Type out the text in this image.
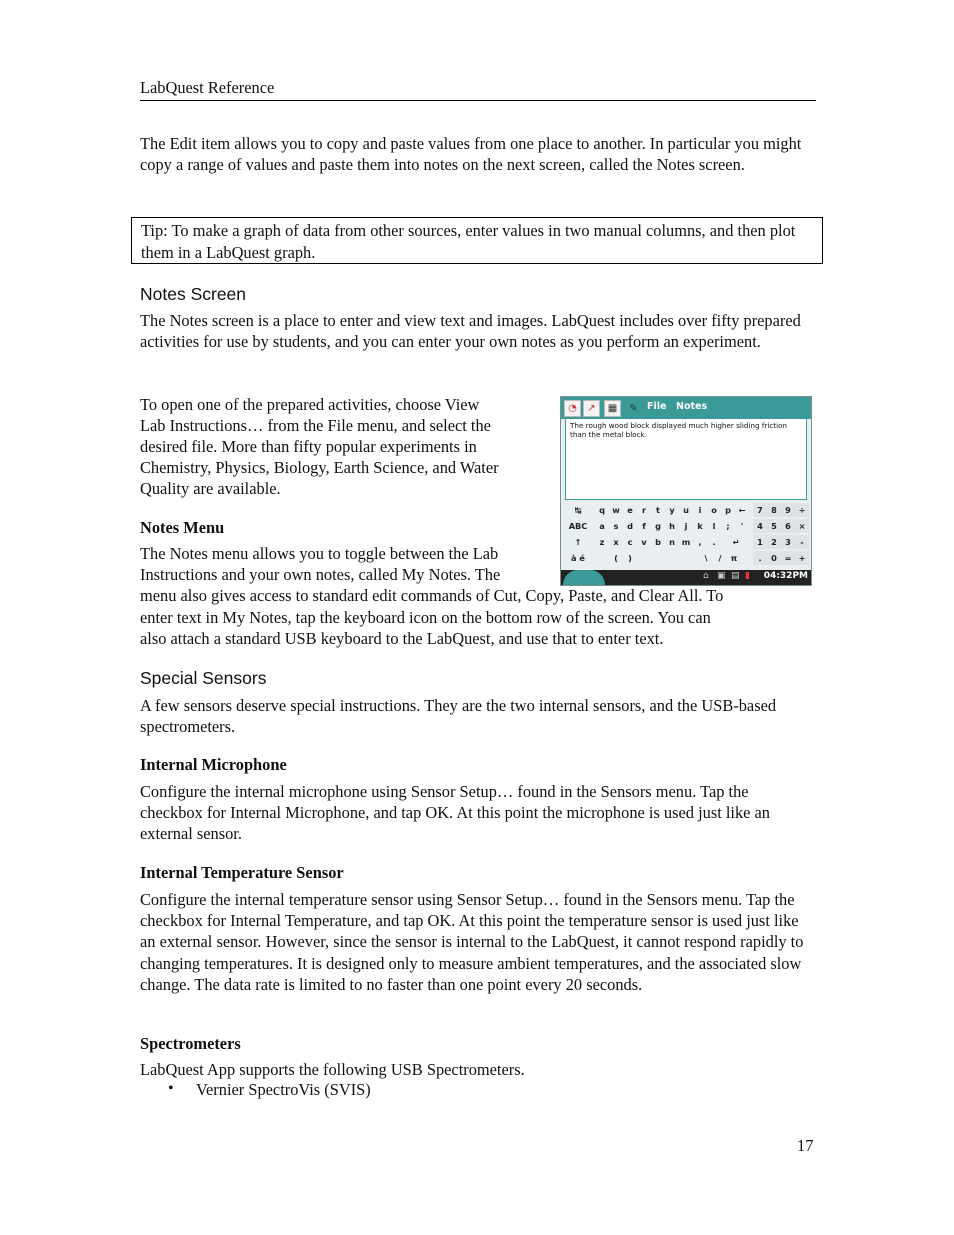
LabQuest Reference

The Edit item allows you to copy and paste values from one place to another. In particular you might copy a range of values and paste them into notes on the next screen, called the Notes screen.

Tip: To make a graph of data from other sources, enter values in two manual columns, and then plot them in a LabQuest graph.
Notes Screen

The Notes screen is a place to enter and view text and images. LabQuest includes over fifty prepared activities for use by students, and you can enter your own notes as you perform an experiment.

To open one of the prepared activities, choose View
Lab Instructions… from the File menu, and select the
desired file. More than fifty popular experiments in
Chemistry, Physics, Biology, Earth Science, and Water
Quality are available.
Notes Menu
The Notes menu allows you to toggle between the Lab
Instructions and your own notes, called My Notes. The
menu also gives access to standard edit commands of Cut, Copy, Paste, and Clear All. To
enter text in My Notes, tap the keyboard icon on the bottom row of the screen. You can
also attach a standard USB keyboard to the LabQuest, and use that to enter text.
◔	↗	▦	✎ File Notes
The rough wood block displayed much higher sliding friction than the metal block.
↹	q w e	r	t	y	u	i	o	p ←	7	8	9 ÷
ABC	a	s	d	f	g h	j	k	l	;	'	4	5	6 ×
↑	z	x	c	v	b n m ,	.	↵	1	2	3	-
à é	(	)	\	/	π	.	0 = +
⌂ ▣ ▤ ▮ 04:32PM
Special Sensors

A few sensors deserve special instructions. They are the two internal sensors, and the USB-based spectrometers.

Internal Microphone

Configure the internal microphone using Sensor Setup… found in the Sensors menu. Tap the checkbox for Internal Microphone, and tap OK. At this point the microphone is used just like an external sensor.

Internal Temperature Sensor

Configure the internal temperature sensor using Sensor Setup… found in the Sensors menu. Tap the checkbox for Internal Temperature, and tap OK. At this point the temperature sensor is used just like an external sensor. However, since the sensor is internal to the LabQuest, it cannot respond rapidly to changing temperatures. It is designed only to measure ambient temperatures, and the associated slow change. The data rate is limited to no faster than one point every 20 seconds.

Spectrometers

LabQuest App supports the following USB Spectrometers.

• Vernier SpectroVis (SVIS)
17
